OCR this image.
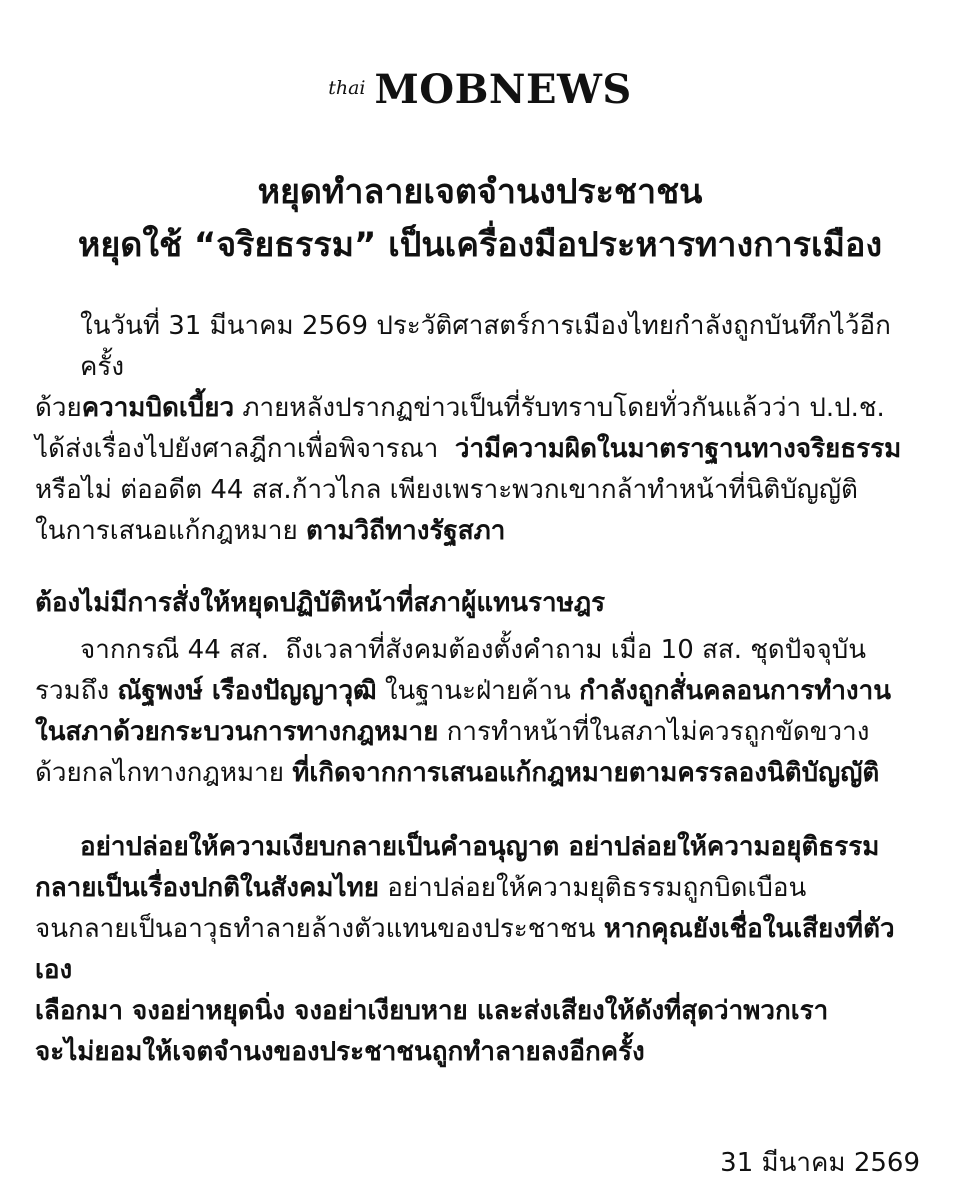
thai MOBNEWS
หยุดทำลายเจตจำนงประชาชน
หยุดใช้ “จริยธรรม” เป็นเครื่องมือประหารทางการเมือง
ในวันที่ 31 มีนาคม 2569 ประวัติศาสตร์การเมืองไทยกำลังถูกบันทึกไว้อีกครั้ง
ด้วยความบิดเบี้ยว ภายหลังปรากฏข่าวเป็นที่รับทราบโดยทั่วกันแล้วว่า ป.ป.ช.
ได้ส่งเรื่องไปยังศาลฎีกาเพื่อพิจารณา  ว่ามีความผิดในมาตราฐานทางจริยธรรม
หรือไม่ ต่ออดีต 44 สส.ก้าวไกล เพียงเพราะพวกเขากล้าทำหน้าที่นิติบัญญัติ
ในการเสนอแก้กฎหมาย ตามวิถีทางรัฐสภา
ต้องไม่มีการสั่งให้หยุดปฏิบัติหน้าที่สภาผู้แทนราษฎร
จากกรณี 44 สส.  ถึงเวลาที่สังคมต้องตั้งคำถาม เมื่อ 10 สส. ชุดปัจจุบัน
รวมถึง ณัฐพงษ์ เรืองปัญญาวุฒิ ในฐานะฝ่ายค้าน กำลังถูกสั่นคลอนการทำงาน
ในสภาด้วยกระบวนการทางกฎหมาย การทำหน้าที่ในสภาไม่ควรถูกขัดขวาง
ด้วยกลไกทางกฎหมาย ที่เกิดจากการเสนอแก้กฎหมายตามครรลองนิติบัญญัติ
อย่าปล่อยให้ความเงียบกลายเป็นคำอนุญาต อย่าปล่อยให้ความอยุติธรรม
กลายเป็นเรื่องปกติในสังคมไทย อย่าปล่อยให้ความยุติธรรมถูกบิดเบือน
จนกลายเป็นอาวุธทำลายล้างตัวแทนของประชาชน หากคุณยังเชื่อในเสียงที่ตัวเอง
เลือกมา จงอย่าหยุดนิ่ง จงอย่าเงียบหาย และส่งเสียงให้ดังที่สุดว่าพวกเรา
จะไม่ยอมให้เจตจำนงของประชาชนถูกทำลายลงอีกครั้ง
31 มีนาคม 2569
